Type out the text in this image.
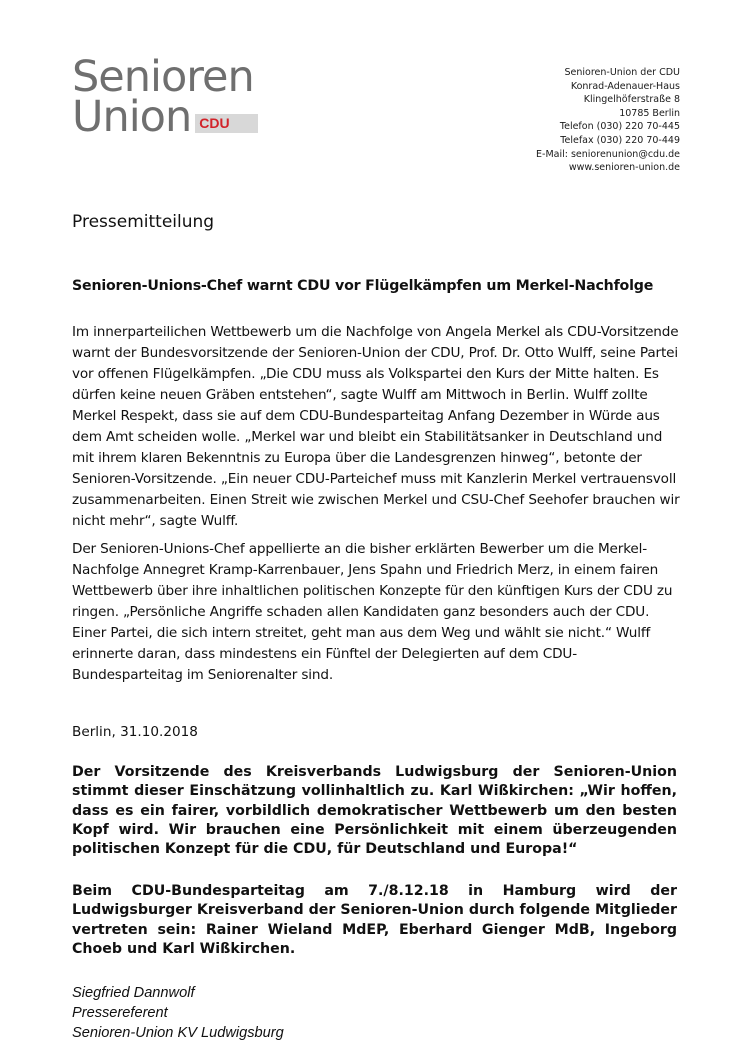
Senioren
Union CDU
Senioren-Union der CDU
Konrad-Adenauer-Haus
Klingelhöferstraße 8
10785 Berlin
Telefon (030) 220 70-445
Telefax (030) 220 70-449
E-Mail: seniorenunion@cdu.de
www.senioren-union.de
Pressemitteilung
Senioren-Unions-Chef warnt CDU vor Flügelkämpfen um Merkel-Nachfolge
Im innerparteilichen Wettbewerb um die Nachfolge von Angela Merkel als CDU-Vorsitzende warnt der Bundesvorsitzende der Senioren-Union der CDU, Prof. Dr. Otto Wulff, seine Partei vor offenen Flügelkämpfen. „Die CDU muss als Volkspartei den Kurs der Mitte halten. Es dürfen keine neuen Gräben entstehen“, sagte Wulff am Mittwoch in Berlin. Wulff zollte Merkel Respekt, dass sie auf dem CDU-Bundesparteitag Anfang Dezember in Würde aus dem Amt scheiden wolle. „Merkel war und bleibt ein Stabilitätsanker in Deutschland und mit ihrem klaren Bekenntnis zu Europa über die Landesgrenzen hinweg“, betonte der Senioren-Vorsitzende. „Ein neuer CDU-Parteichef muss mit Kanzlerin Merkel vertrauensvoll zusammenarbeiten. Einen Streit wie zwischen Merkel und CSU-Chef Seehofer brauchen wir nicht mehr“, sagte Wulff.
Der Senioren-Unions-Chef appellierte an die bisher erklärten Bewerber um die Merkel-Nachfolge Annegret Kramp-Karrenbauer, Jens Spahn und Friedrich Merz, in einem fairen Wettbewerb über ihre inhaltlichen politischen Konzepte für den künftigen Kurs der CDU zu ringen. „Persönliche Angriffe schaden allen Kandidaten ganz besonders auch der CDU. Einer Partei, die sich intern streitet, geht man aus dem Weg und wählt sie nicht.“ Wulff erinnerte daran, dass mindestens ein Fünftel der Delegierten auf dem CDU-Bundesparteitag im Seniorenalter sind.
Berlin, 31.10.2018
Der Vorsitzende des Kreisverbands Ludwigsburg der Senioren-Union stimmt dieser Einschätzung vollinhaltlich zu. Karl Wißkirchen: „Wir hoffen, dass es ein fairer, vorbildlich demokratischer Wettbewerb um den besten Kopf wird. Wir brauchen eine Persönlichkeit mit einem überzeugenden politischen Konzept für die CDU, für Deutschland und Europa!“
Beim CDU-Bundesparteitag am 7./8.12.18 in Hamburg wird der Ludwigsburger Kreisverband der Senioren-Union durch folgende Mitglieder vertreten sein: Rainer Wieland MdEP, Eberhard Gienger MdB, Ingeborg Choeb und Karl Wißkirchen.
Siegfried Dannwolf
Pressereferent
Senioren-Union KV Ludwigsburg
